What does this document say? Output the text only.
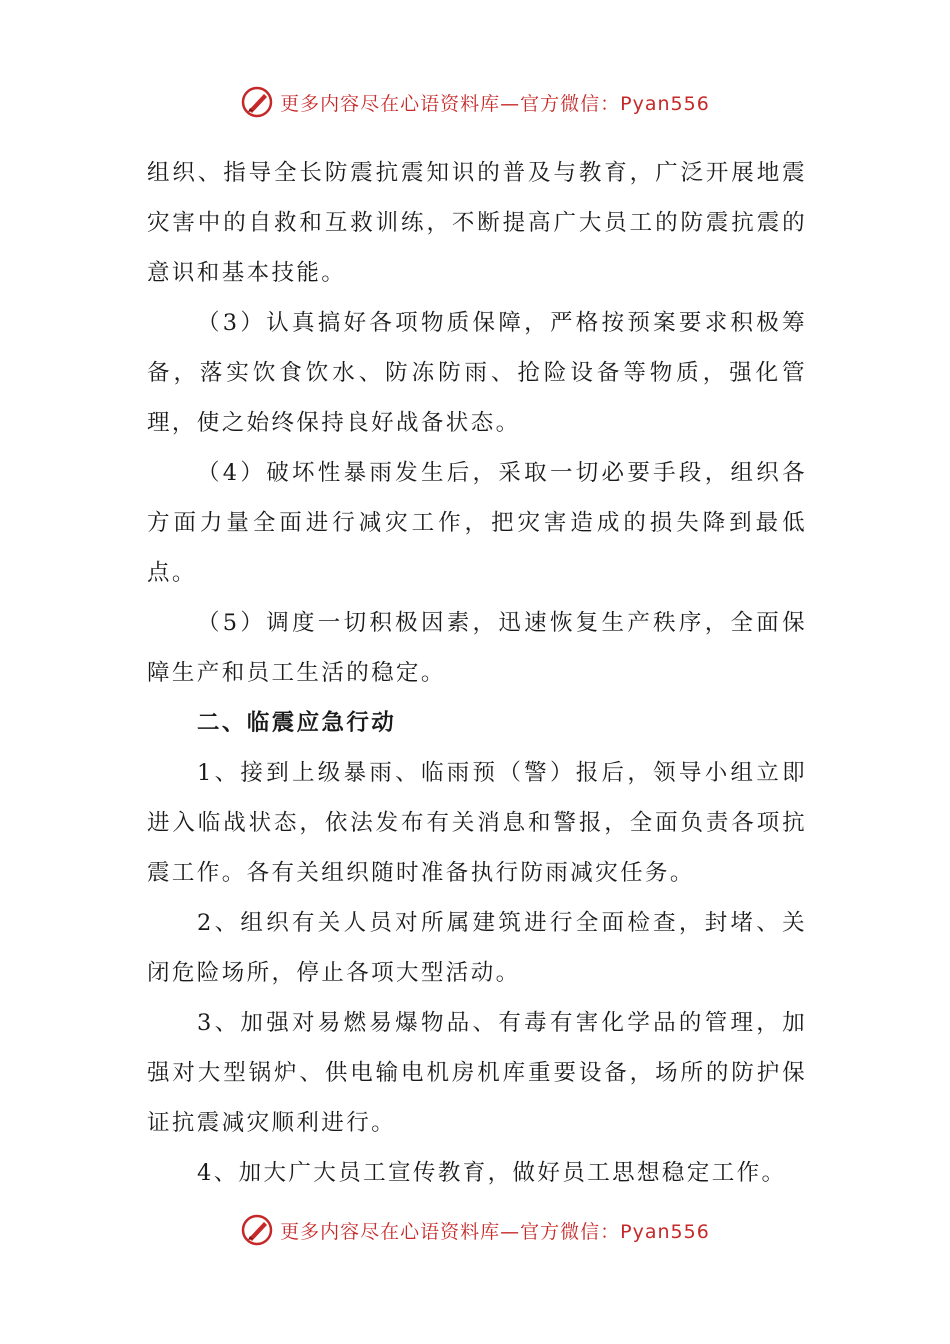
更多内容尽在心语资料库—官方微信：Pyan556

组织、指导全长防震抗震知识的普及与教育，广泛开展地震灾害中的自救和互救训练，不断提高广大员工的防震抗震的意识和基本技能。

（3）认真搞好各项物质保障，严格按预案要求积极筹备，落实饮食饮水、防冻防雨、抢险设备等物质，强化管理，使之始终保持良好战备状态。

（4）破坏性暴雨发生后，采取一切必要手段，组织各方面力量全面进行减灾工作，把灾害造成的损失降到最低点。

（5）调度一切积极因素，迅速恢复生产秩序，全面保障生产和员工生活的稳定。

二、临震应急行动

1、接到上级暴雨、临雨预（警）报后，领导小组立即进入临战状态，依法发布有关消息和警报，全面负责各项抗震工作。各有关组织随时准备执行防雨减灾任务。

2、组织有关人员对所属建筑进行全面检查，封堵、关闭危险场所，停止各项大型活动。

3、加强对易燃易爆物品、有毒有害化学品的管理，加强对大型锅炉、供电输电机房机库重要设备，场所的防护保证抗震减灾顺利进行。

4、加大广大员工宣传教育，做好员工思想稳定工作。

更多内容尽在心语资料库—官方微信：Pyan556
